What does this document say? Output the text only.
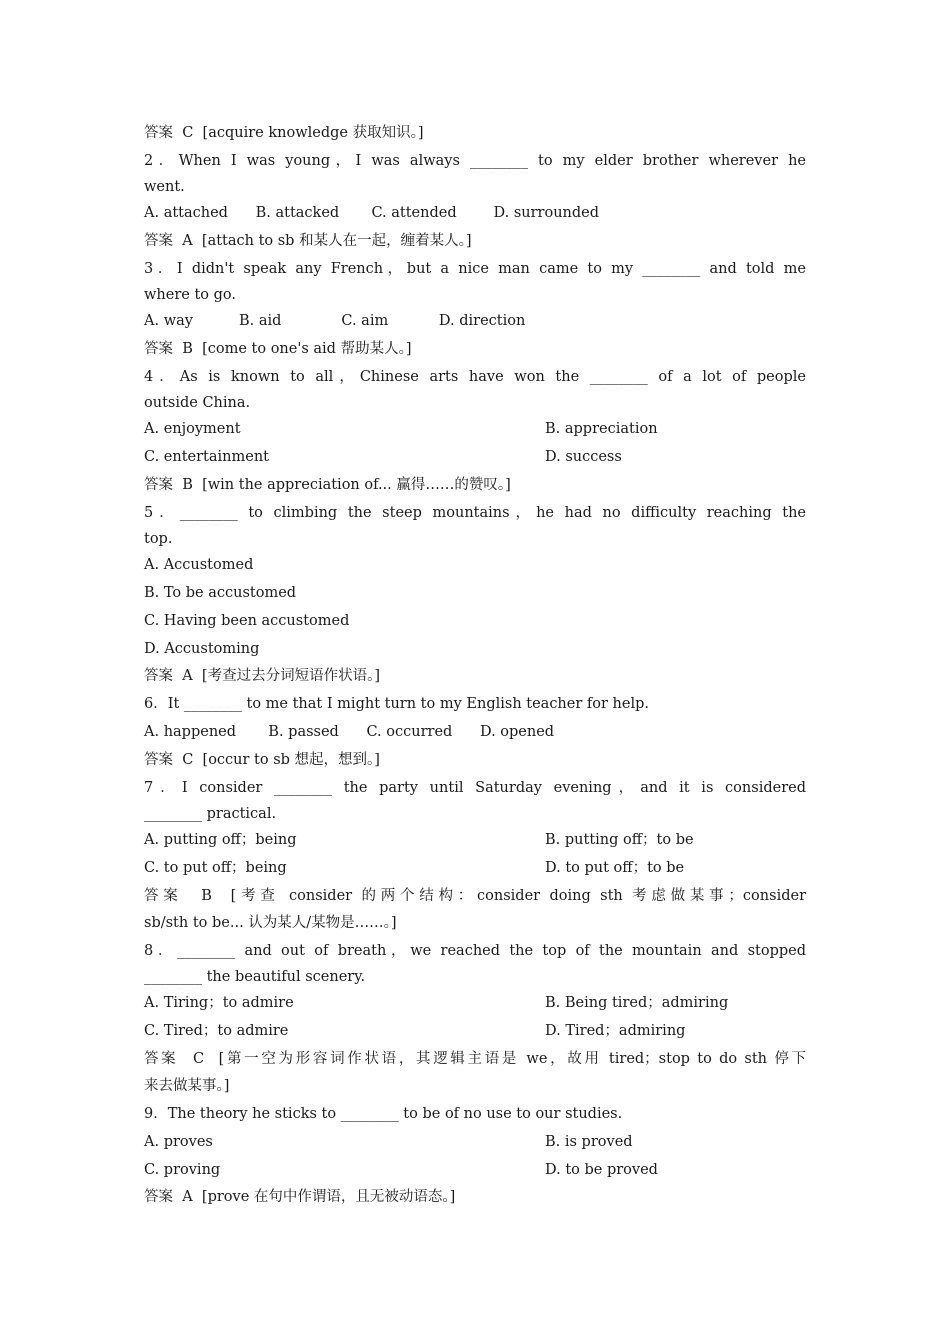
答案  C  [acquire knowledge 获取知识。]
2．When I was young，I was always ________ to my elder brother wherever he
went.
A. attached      B. attacked       C. attended        D. surrounded
答案  A  [attach to sb 和某人在一起，缠着某人。]
3．I didn't speak any French，but a nice man came to my ________ and told me
where to go.
A. way          B. aid             C. aim           D. direction
答案  B  [come to one's aid 帮助某人。]
4．As is known to all，Chinese arts have won the ________ of a lot of people
outside China.
A. enjoyment	B. appreciation
C. entertainment	D. success
答案  B  [win the appreciation of... 赢得……的赞叹。]
5．________ to climbing the steep mountains，he had no difficulty reaching the
top.
A. Accustomed
B. To be accustomed
C. Having been accustomed
D. Accustoming
答案  A  [考查过去分词短语作状语。]
6．It ________ to me that I might turn to my English teacher for help.
A. happened       B. passed      C. occurred      D. opened
答案  C  [occur to sb 想起，想到。]
7．I consider ________ the party until Saturday evening，and it is considered
________ practical.
A. putting off；being	B. putting off；to be
C. to put off；being	D. to put off；to be
答案  B  [考查 consider 的两个结构：consider doing sth 考虑做某事；consider
sb/sth to be... 认为某人/某物是……。]
8．________ and out of breath，we reached the top of the mountain and stopped
________ the beautiful scenery.
A. Tiring；to admire	B. Being tired；admiring
C. Tired；to admire	D. Tired；admiring
答案  C  [第一空为形容词作状语，其逻辑主语是 we，故用 tired；stop to do sth 停下
来去做某事。]
9．The theory he sticks to ________ to be of no use to our studies.
A. proves	B. is proved
C. proving	D. to be proved
答案  A  [prove 在句中作谓语，且无被动语态。]
